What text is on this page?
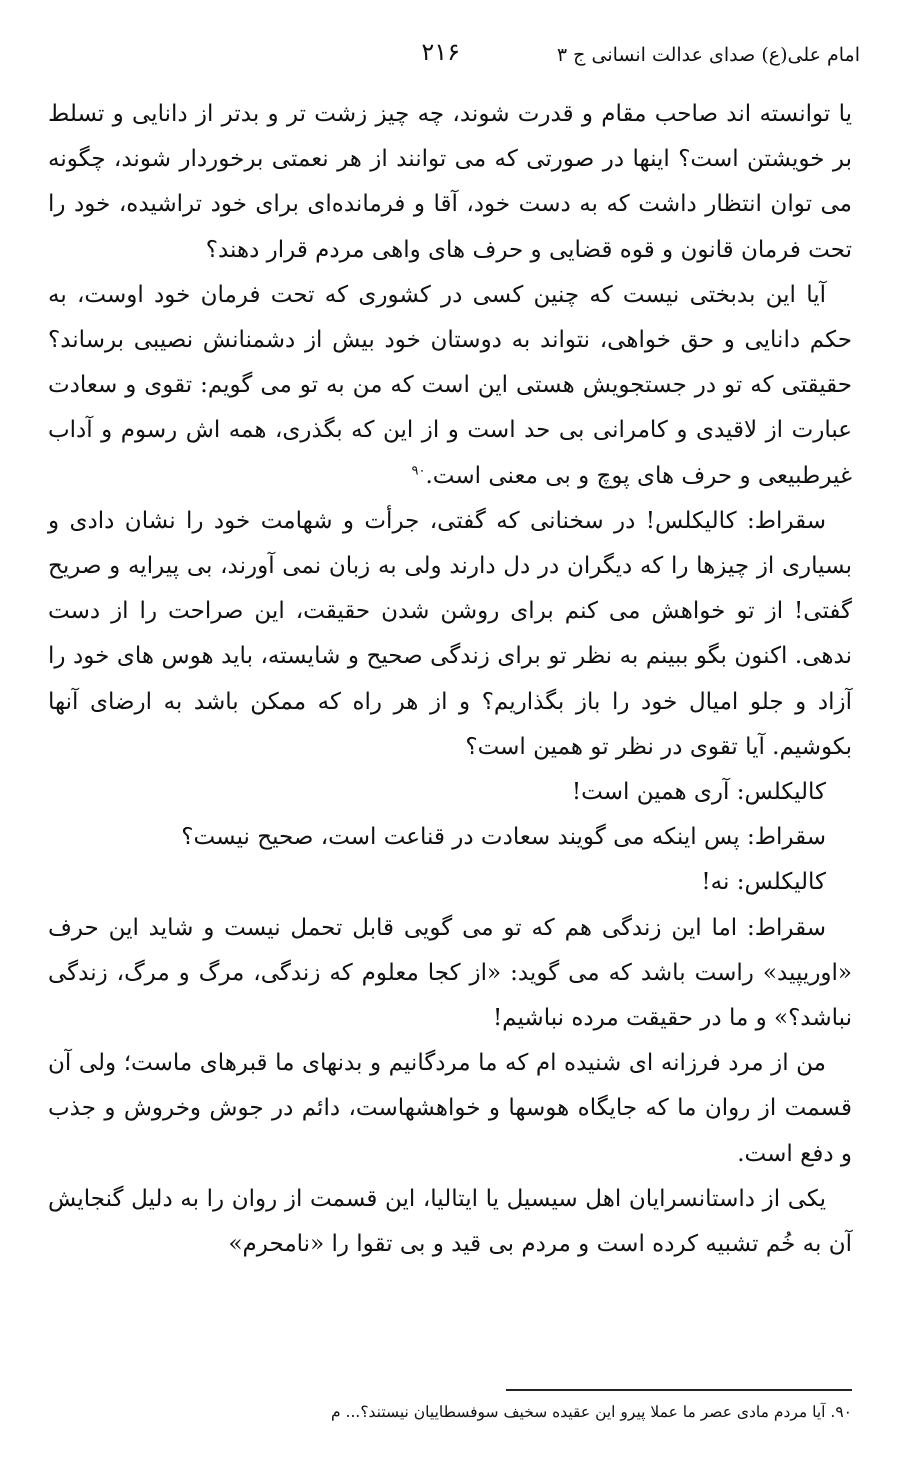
امام علی(ع) صدای عدالت انسانی ج ۳
۲۱۶

یا توانسته اند صاحب مقام و قدرت شوند، چه چیز زشت تر و بدتر از دانایی و تسلط بر خویشتن است؟ اینها در صورتی که می توانند از هر نعمتی برخوردار شوند، چگونه می توان انتظار داشت که به دست خود، آقا و فرمانده‌ای برای خود تراشیده، خود را تحت فرمان قانون و قوه قضایی و حرف های واهی مردم قرار دهند؟

آیا این بدبختی نیست که چنین کسی در کشوری که تحت فرمان خود اوست، به حکم دانایی و حق خواهی، نتواند به دوستان خود بیش از دشمنانش نصیبی برساند؟ حقیقتی که تو در جستجویش هستی این است که من به تو می گویم: تقوی و سعادت عبارت از لاقیدی و کامرانی بی حد است و از این که بگذری، همه اش رسوم و آداب غیرطبیعی و حرف های پوچ و بی معنی است.$^{۹۰}$

سقراط: کالیکلس! در سخنانی که گفتی، جرأت و شهامت خود را نشان دادی و بسیاری از چیزها را که دیگران در دل دارند ولی به زبان نمی آورند، بی پیرایه و صریح گفتی! از تو خواهش می کنم برای روشن شدن حقیقت، این صراحت را از دست ندهی. اکنون بگو ببینم به نظر تو برای زندگی صحیح و شایسته، باید هوس های خود را آزاد و جلو امیال خود را باز بگذاریم؟ و از هر راه که ممکن باشد به ارضای آنها بکوشیم. آیا تقوی در نظر تو همین است؟

کالیکلس: آری همین است!

سقراط: پس اینکه می گویند سعادت در قناعت است، صحیح نیست؟

کالیکلس: نه!

سقراط: اما این زندگی هم که تو می گویی قابل تحمل نیست و شاید این حرف «اوریپید» راست باشد که می گوید: «از کجا معلوم که زندگی، مرگ و مرگ، زندگی نباشد؟» و ما در حقیقت مرده نباشیم!

من از مرد فرزانه ای شنیده ام که ما مردگانیم و بدنهای ما قبرهای ماست؛ ولی آن قسمت از روان ما که جایگاه هوسها و خواهشهاست، دائم در جوش وخروش و جذب و دفع است.

یکی از داستانسرایان اهل سیسیل یا ایتالیا، این قسمت از روان را به دلیل گنجایش آن به خُم تشبیه کرده است و مردم بی قید و بی تقوا را «نامحرم»

۹۰. آیا مردم مادی عصر ما عملا پیرو این عقیده سخیف سوفسطاییان نیستند؟... م
